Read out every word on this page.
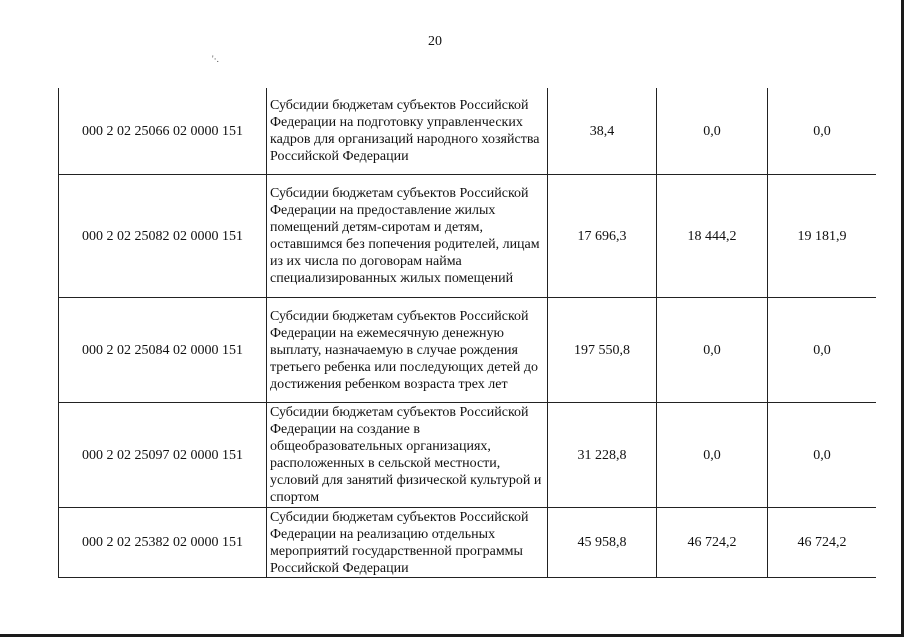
20
'·.
000 2 02 25066 02 0000 151	Субсидии бюджетам субъектов Российской Федерации на подготовку управленческих кадров для организаций народного хозяйства Российской Федерации	38,4	0,0	0,0
000 2 02 25082 02 0000 151	Субсидии бюджетам субъектов Российской Федерации на предоставление жилых помещений детям-сиротам и детям, оставшимся без попечения родителей, лицам из их числа по договорам найма специализированных жилых помещений	17 696,3	18 444,2	19 181,9
000 2 02 25084 02 0000 151	Субсидии бюджетам субъектов Российской Федерации на ежемесячную денежную выплату, назначаемую в случае рождения третьего ребенка или последующих детей до достижения ребенком возраста трех лет	197 550,8	0,0	0,0
000 2 02 25097 02 0000 151	Субсидии бюджетам субъектов Российской Федерации на создание в общеобразовательных организациях, расположенных в сельской местности, условий для занятий физической культурой и спортом	31 228,8	0,0	0,0
000 2 02 25382 02 0000 151	Субсидии бюджетам субъектов Российской Федерации на реализацию отдельных мероприятий государственной программы Российской Федерации	45 958,8	46 724,2	46 724,2
